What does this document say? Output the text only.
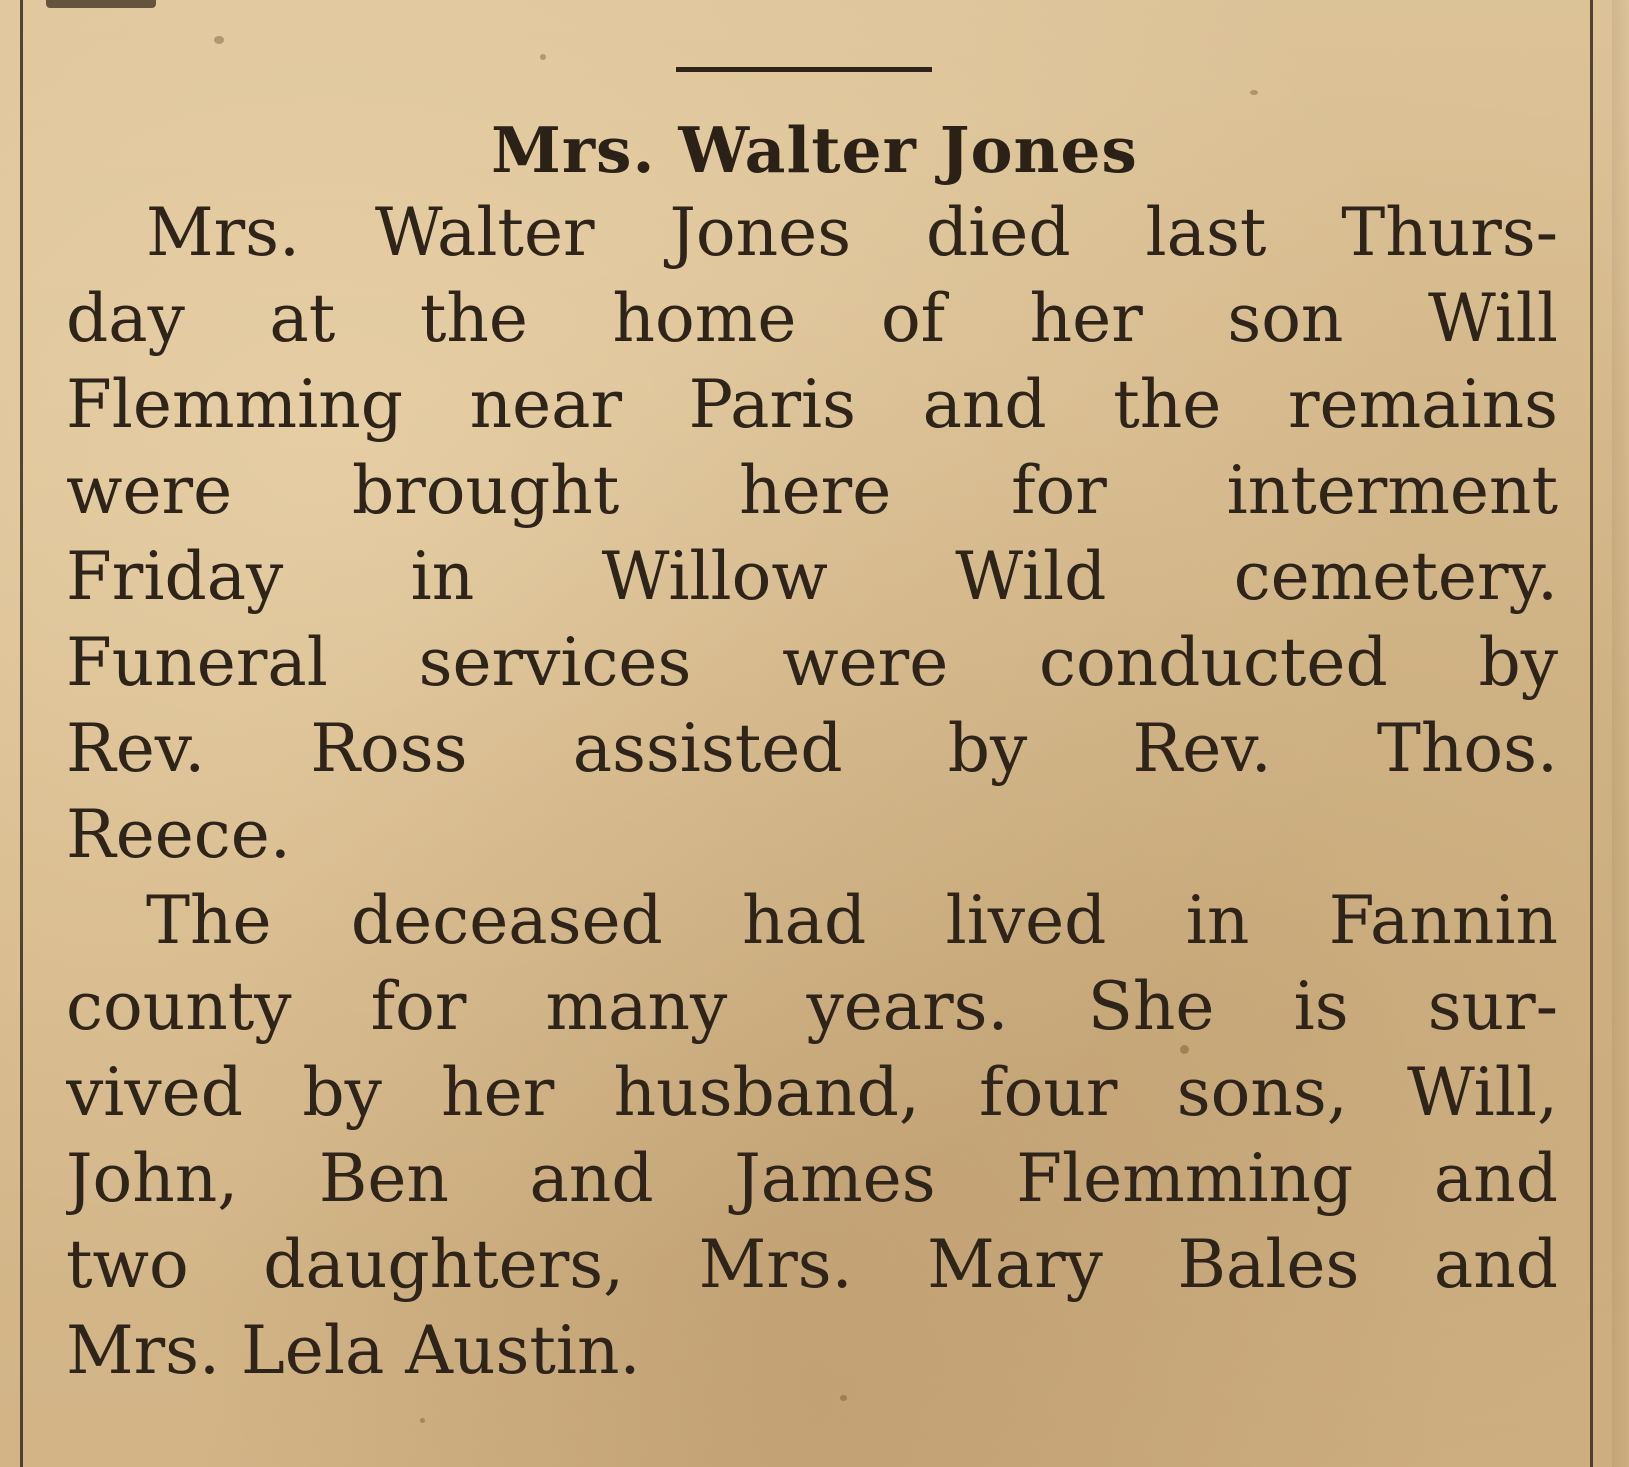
Mrs. Walter Jones
Mrs. Walter Jones died last Thurs-
day at the home of her son Will
Flemming near Paris and the remains
were brought here for interment
Friday in Willow Wild cemetery.
Funeral services were conducted by
Rev. Ross assisted by Rev. Thos.
Reece.
The deceased had lived in Fannin
county for many years. She is sur-
vived by her husband, four sons, Will,
John, Ben and James Flemming and
two daughters, Mrs. Mary Bales and
Mrs. Lela Austin.
